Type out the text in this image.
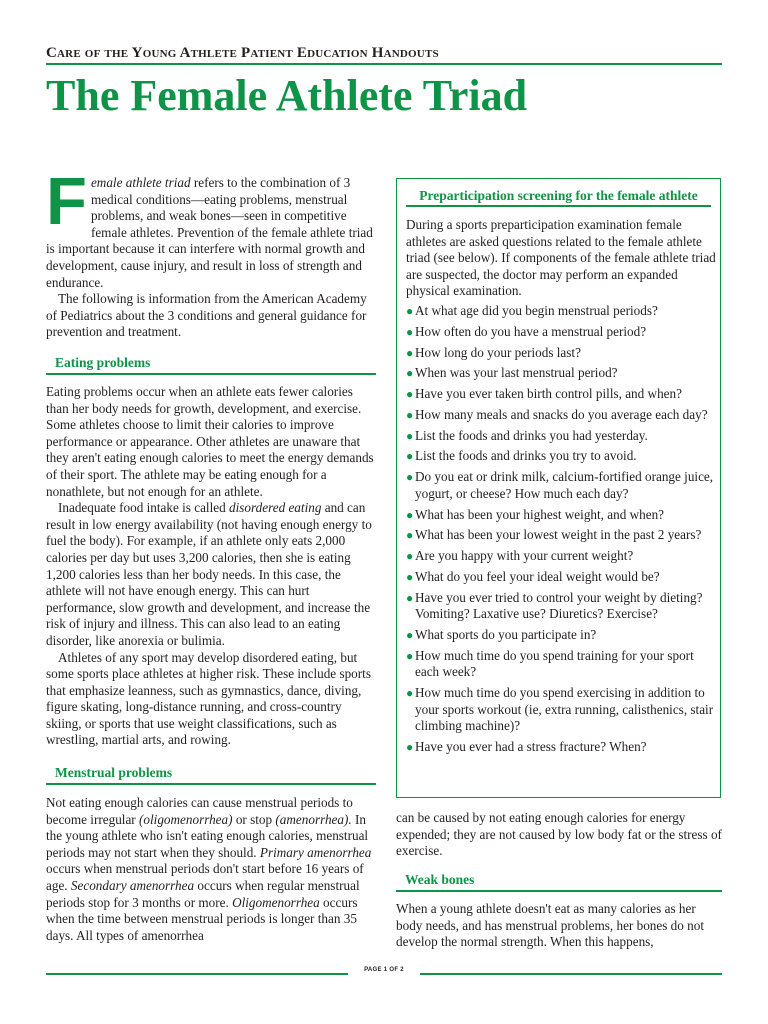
Care of the Young Athlete Patient Education Handouts
The Female Athlete Triad
F emale athlete triad refers to the combination of 3 medical conditions—eating problems, menstrual problems, and weak bones—seen in competitive female athletes. Prevention of the female athlete triad is important because it can interfere with normal growth and development, cause injury, and result in loss of strength and endurance.

The following is information from the American Academy of Pediatrics about the 3 conditions and general guidance for prevention and treatment.

Eating problems

Eating problems occur when an athlete eats fewer calories than her body needs for growth, development, and exercise. Some athletes choose to limit their calories to improve performance or appearance. Other athletes are unaware that they aren't eating enough calories to meet the energy demands of their sport. The athlete may be eating enough for a nonathlete, but not enough for an athlete.

Inadequate food intake is called disordered eating and can result in low energy availability (not having enough energy to fuel the body). For example, if an athlete only eats 2,000 calories per day but uses 3,200 calories, then she is eating 1,200 calories less than her body needs. In this case, the athlete will not have enough energy. This can hurt performance, slow growth and development, and increase the risk of injury and illness. This can also lead to an eating disorder, like anorexia or bulimia.

Athletes of any sport may develop disordered eating, but some sports place athletes at higher risk. These include sports that emphasize leanness, such as gymnastics, dance, diving, figure skating, long-distance running, and cross-country skiing, or sports that use weight classifications, such as wrestling, martial arts, and rowing.

Menstrual problems

Not eating enough calories can cause menstrual periods to become irregular (oligomenorrhea) or stop (amenorrhea). In the young athlete who isn't eating enough calories, menstrual periods may not start when they should. Primary amenorrhea occurs when menstrual periods don't start before 16 years of age. Secondary amenorrhea occurs when regular menstrual periods stop for 3 months or more. Oligomenorrhea occurs when the time between menstrual periods is longer than 35 days. All types of amenorrhea

Preparticipation screening for the female athlete

During a sports preparticipation examination female athletes are asked questions related to the female athlete triad (see below). If components of the female athlete triad are suspected, the doctor may perform an expanded physical examination.

● At what age did you begin menstrual periods?
● How often do you have a menstrual period?
● How long do your periods last?
● When was your last menstrual period?
● Have you ever taken birth control pills, and when?
● How many meals and snacks do you average each day?
● List the foods and drinks you had yesterday.
● List the foods and drinks you try to avoid.
● Do you eat or drink milk, calcium-fortified orange juice, yogurt, or cheese? How much each day?
● What has been your highest weight, and when?
● What has been your lowest weight in the past 2 years?
● Are you happy with your current weight?
● What do you feel your ideal weight would be?
● Have you ever tried to control your weight by dieting? Vomiting? Laxative use? Diuretics? Exercise?
● What sports do you participate in?
● How much time do you spend training for your sport each week?
● How much time do you spend exercising in addition to your sports workout (ie, extra running, calisthenics, stair climbing machine)?
● Have you ever had a stress fracture? When?
can be caused by not eating enough calories for energy expended; they are not caused by low body fat or the stress of exercise.
Weak bones

When a young athlete doesn't eat as many calories as her body needs, and has menstrual problems, her bones do not develop the normal strength. When this happens,

PAGE 1 OF 2
